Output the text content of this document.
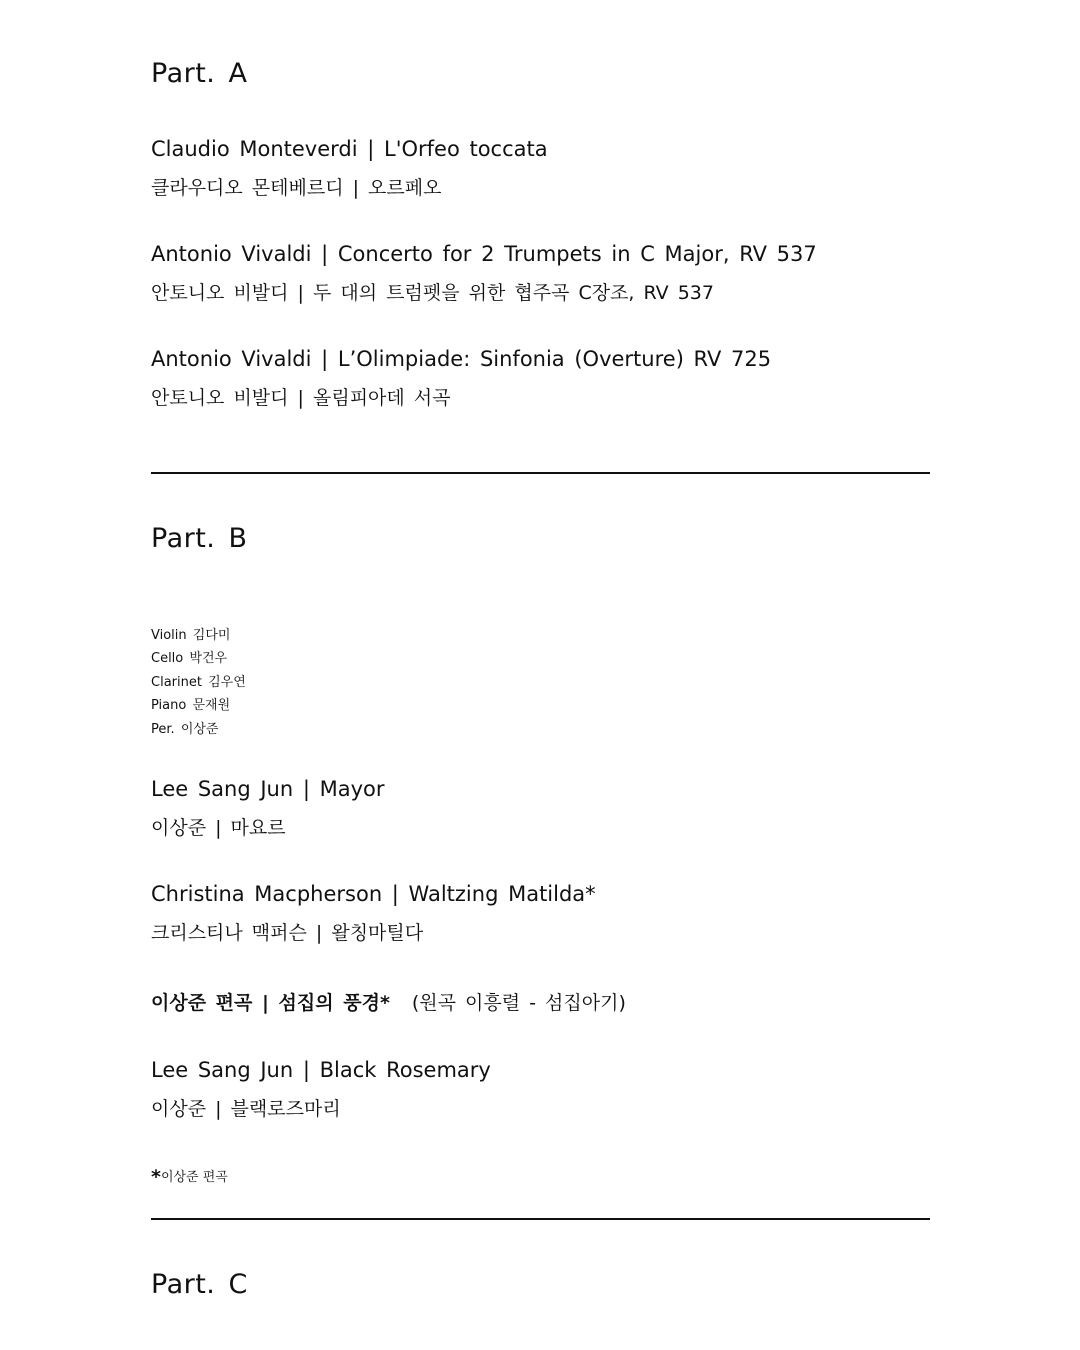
Part. A
Claudio Monteverdi | L'Orfeo toccata
클라우디오 몬테베르디 | 오르페오
Antonio Vivaldi | Concerto for 2 Trumpets in C Major, RV 537
안토니오 비발디 | 두 대의 트럼펫을 위한 협주곡 C장조, RV 537
Antonio Vivaldi | L’Olimpiade: Sinfonia (Overture) RV 725
안토니오 비발디 | 올림피아데 서곡
Part. B
Violin 김다미
Cello 박건우
Clarinet 김우연
Piano 문재원
Per. 이상준
Lee Sang Jun | Mayor
이상준 | 마요르
Christina Macpherson | Waltzing Matilda*
크리스티나 맥퍼슨 | 왈칭마틸다
이상준 편곡 | 섬집의 풍경* (원곡 이흥렬 - 섬집아기)
Lee Sang Jun | Black Rosemary
이상준 | 블랙로즈마리
*이상준 편곡
Part. C
